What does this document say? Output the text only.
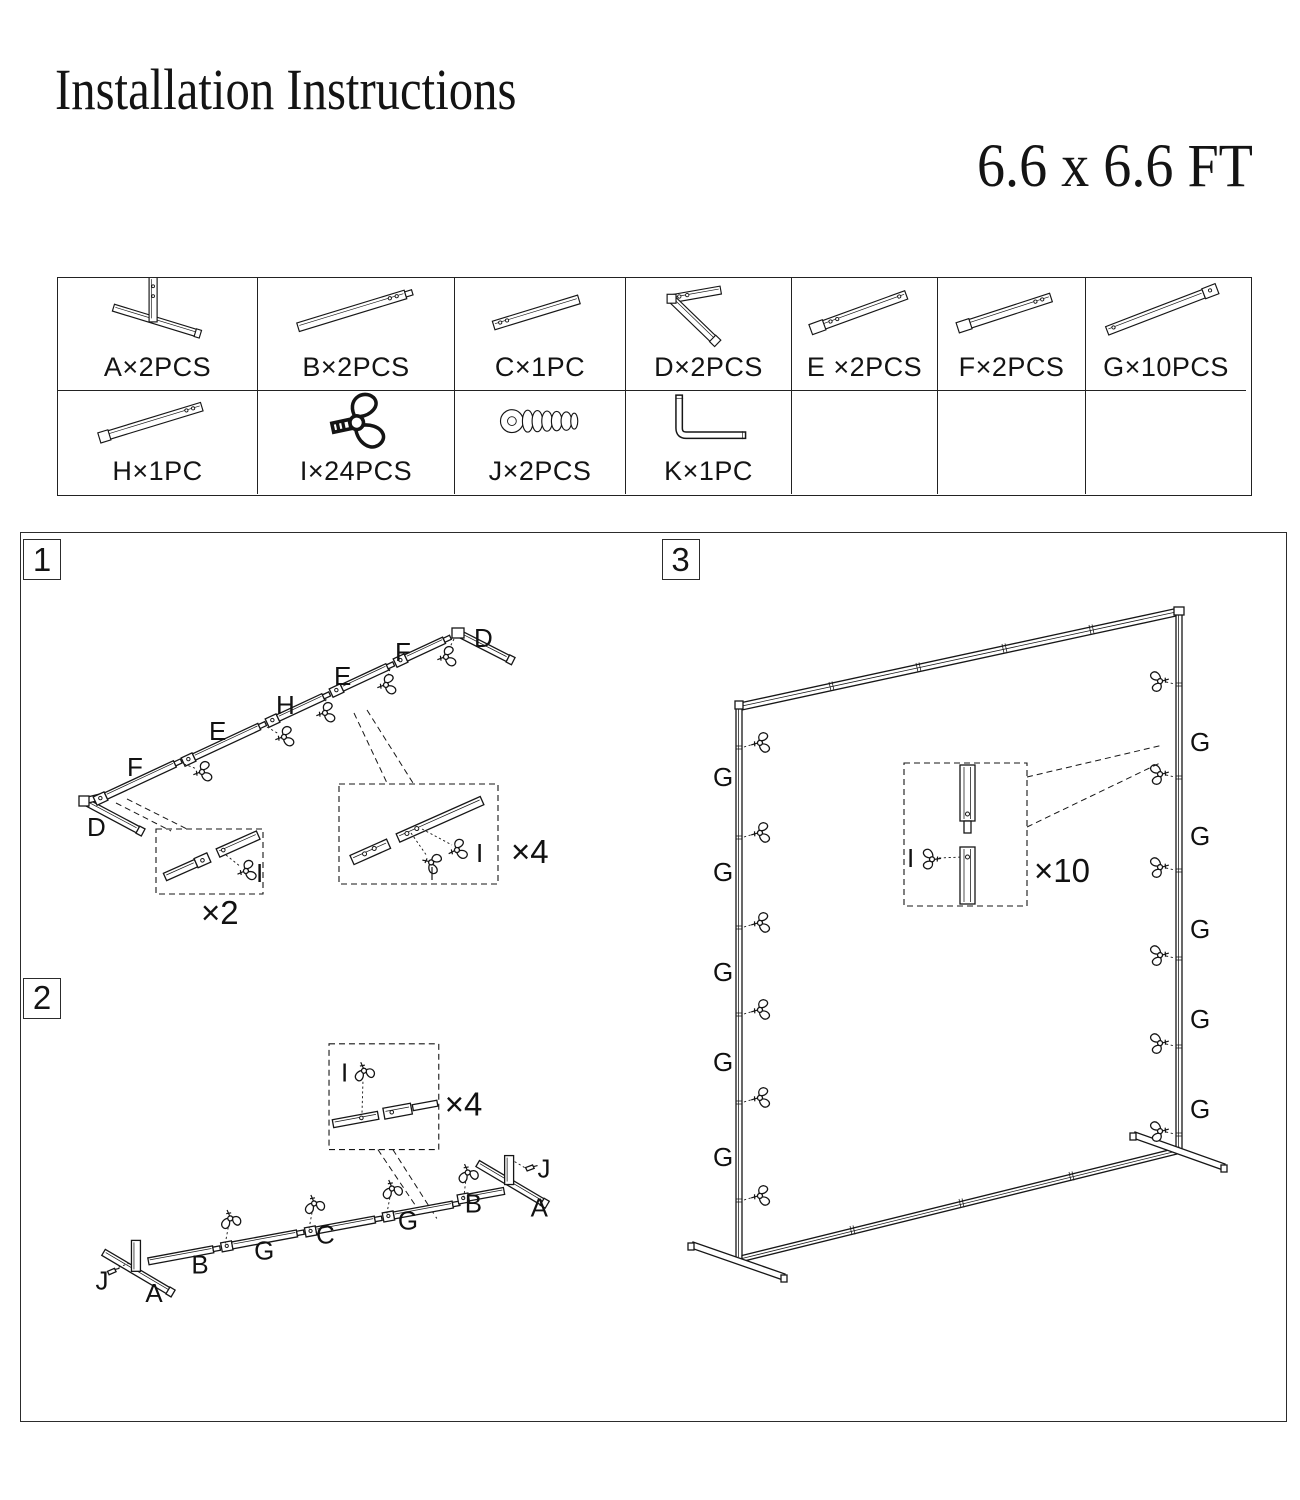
Installation Instructions
6.6 x 6.6 FT
A×2PCS	B×2PCS	C×1PC	D×2PCS E ×2PCS F×2PCS G×10PCS
H×1PC	I×24PCS	J×2PCS	K×1PC
1
D
F
E
H
E
F D
I
×2
I ×4
2
I
×4
J A
J
A
B G
C G
B
3
G
G
G
G
G
G
G
G
G
G
I	×10
